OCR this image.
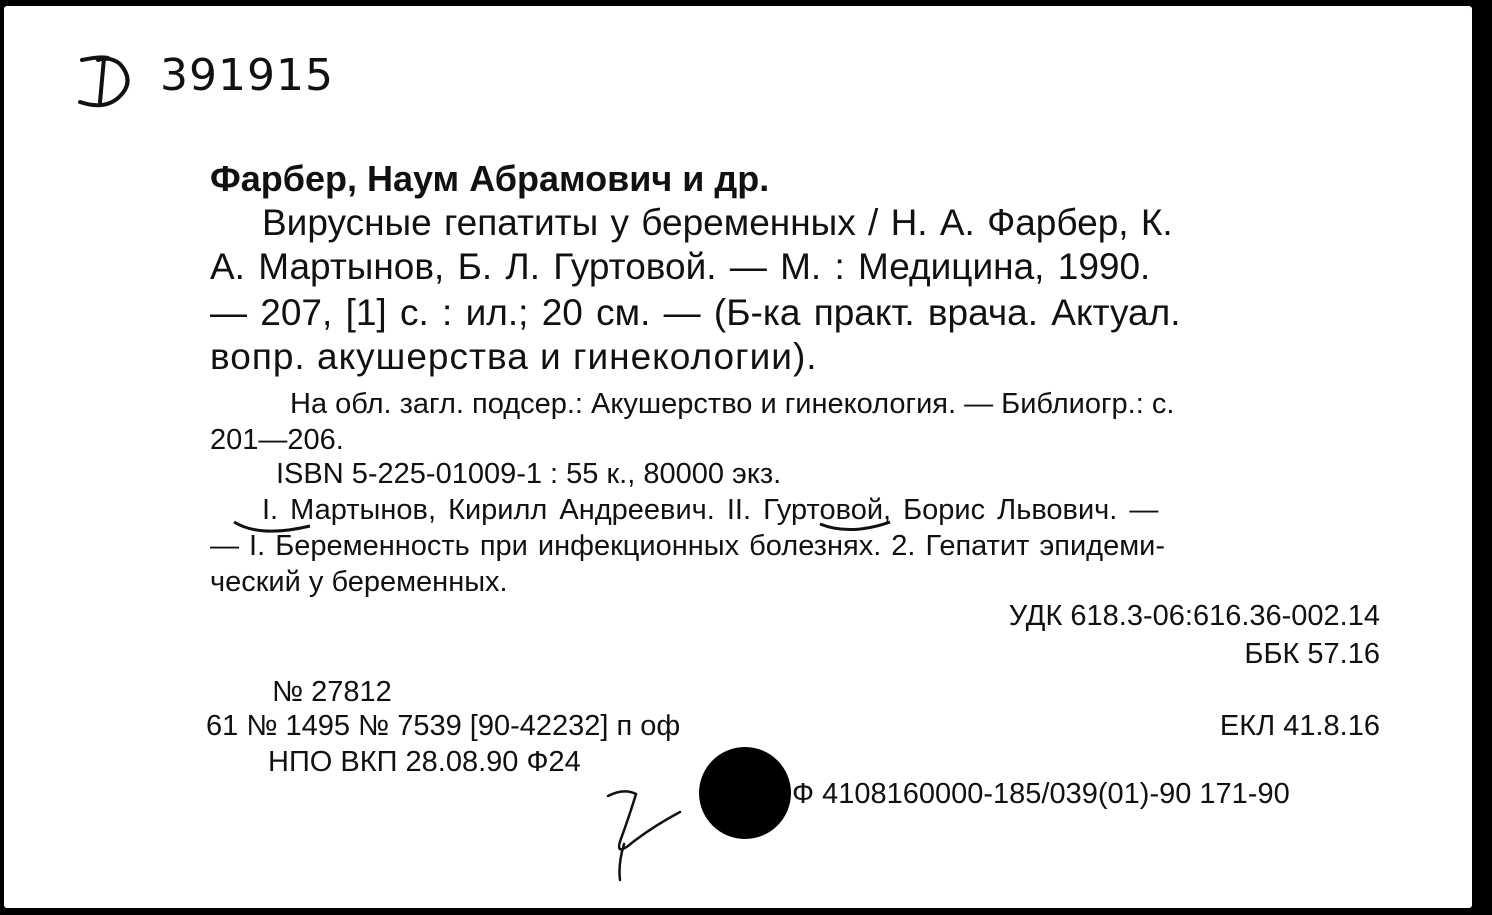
391915
Фарбер, Наум Абрамович и др.
Вирусные гепатиты у беременных / Н. А. Фарбер, К.
А. Мартынов, Б. Л. Гуртовой. — М. : Медицина, 1990.
— 207, [1] с. : ил.; 20 см. — (Б-ка практ. врача. Актуал.
вопр. акушерства и гинекологии).
На обл. загл. подсер.: Акушерство и гинекология. — Библиогр.: с.
201—206.
ISBN 5-225-01009-1 : 55 к., 80000 экз.
I. Мартынов, Кирилл Андреевич. II. Гуртовой, Борис Львович. —
— I. Беременность при инфекционных болезнях. 2. Гепатит эпидеми-
ческий у беременных.
УДК 618.3-06:616.36-002.14
ББК 57.16
№ 27812
61 № 1495 № 7539 [90-42232] п оф	ЕКЛ 41.8.16
НПО ВКП 28.08.90 Ф24
Ф 4108160000-185/039(01)-90 171-90
